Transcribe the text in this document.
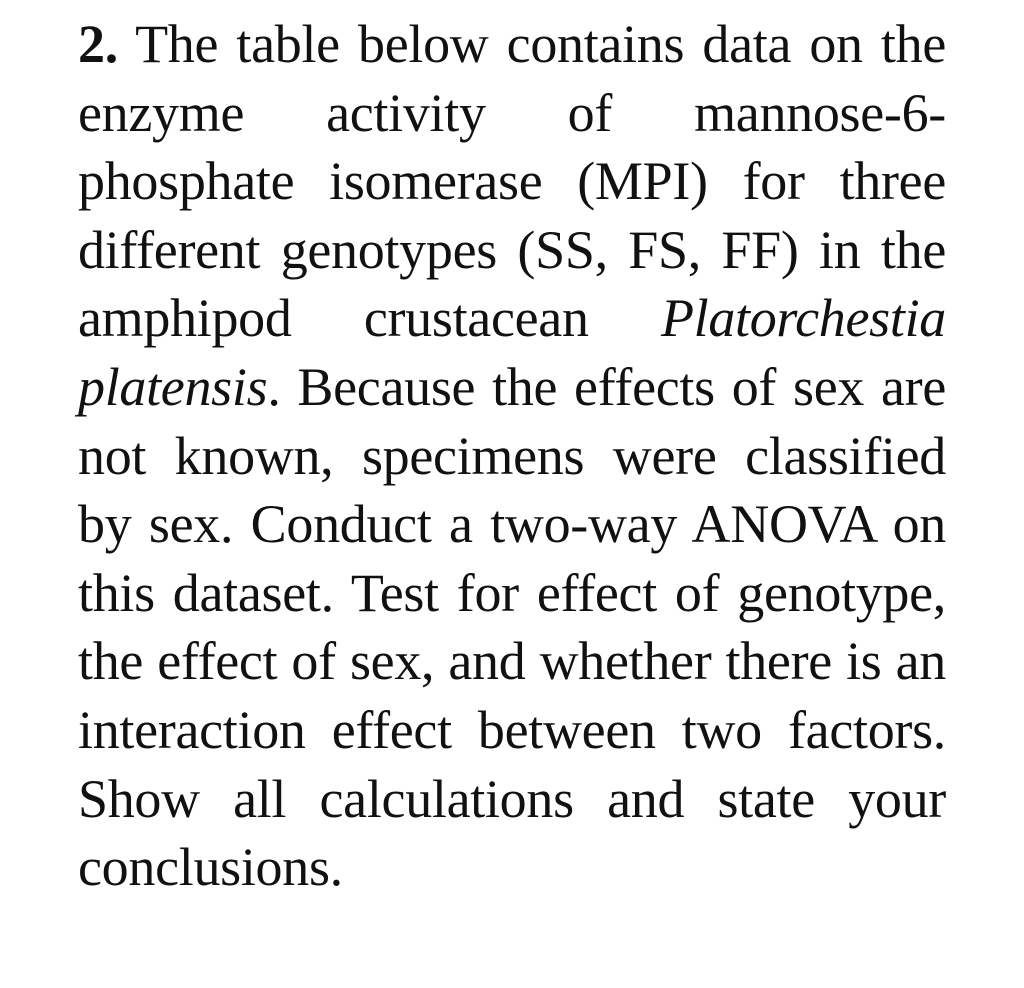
2. The table below contains data on the enzyme activity of mannose-6-phosphate isomerase (MPI) for three different genotypes (SS, FS, FF) in the amphipod crustacean Platorchestia platensis. Because the effects of sex are not known, specimens were classified by sex. Conduct a two-way ANOVA on this dataset. Test for effect of genotype, the effect of sex, and whether there is an interaction effect between two factors. Show all calculations and state your conclusions.
